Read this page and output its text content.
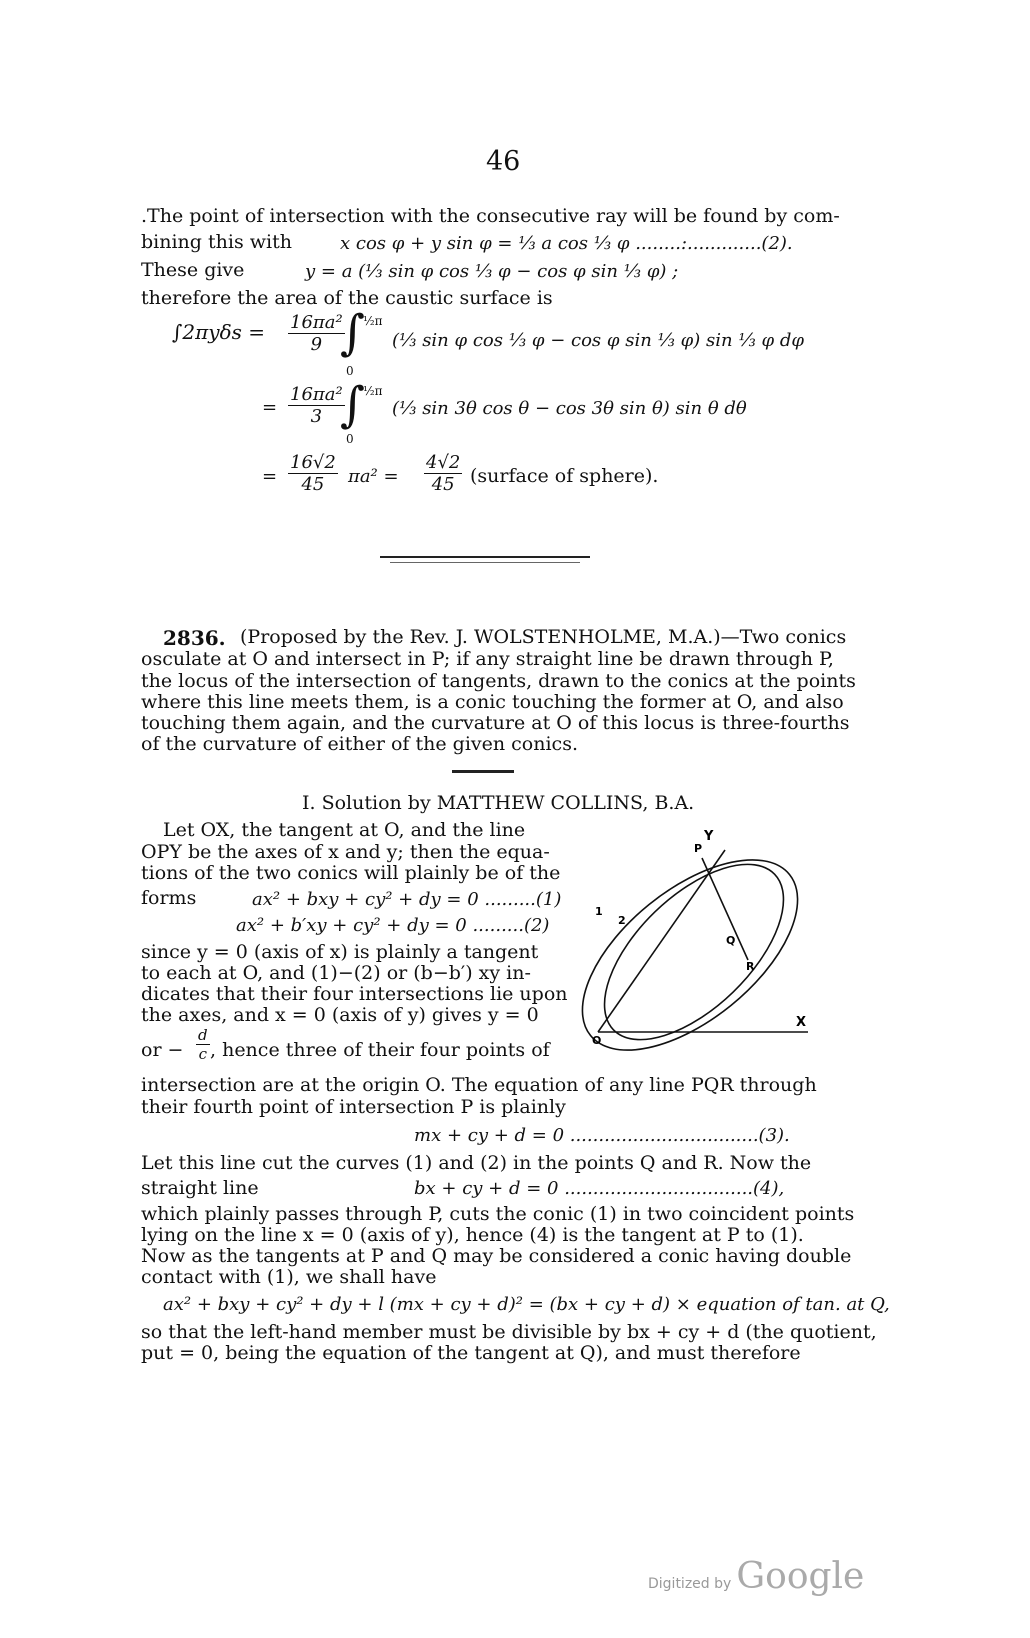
46
.The point of intersection with the consecutive ray will be found by com-
bining this with	x cos φ + y sin φ = ⅓ a cos ⅓ φ ........:.............(2).
These give	y = a (⅓ sin φ cos ⅓ φ − cos φ sin ⅓ φ) ;
therefore the area of the caustic surface is
$\int 2\pi y\delta s = \frac{\text{16πa²}}{9}$
∫
½π
0
(⅓ sin φ cos ⅓ φ − cos φ sin ⅓ φ) sin ⅓ φ dφ
= $\frac{\text{16πa²}}{3}$
∫
½π
0
(⅓ sin 3θ cos θ − cos 3θ sin θ) sin θ dθ
= $\frac{16√2}{45} \pi a^2 = \frac{4√2}{45}$ (surface of sphere).
2836. (Proposed by the Rev. J. WOLSTENHOLME, M.A.)—Two conics
osculate at O and intersect in P; if any straight line be drawn through P,
the locus of the intersection of tangents, drawn to the conics at the points
where this line meets them, is a conic touching the former at O, and also
touching them again, and the curvature at O of this locus is three-fourths
of the curvature of either of the given conics.
I. Solution by MATTHEW COLLINS, B.A.
Let OX, the tangent at O, and the line
OPY be the axes of x and y; then the equa-
tions of the two conics will plainly be of the
forms	ax² + bxy + cy² + dy = 0 .........(1)
ax² + b′xy + cy² + dy = 0 .........(2)
since y = 0 (axis of x) is plainly a tangent
to each at O, and (1)−(2) or (b−b′) xy in-
dicates that their four intersections lie upon
the axes, and x = 0 (axis of y) gives y = 0
or − $\frac{d}{c}$ , hence three of their four points of
Y
P
Q
R
X
O
1
2
intersection are at the origin O. The equation of any line PQR through
their fourth point of intersection P is plainly
mx + cy + d = 0 .................................(3).
Let this line cut the curves (1) and (2) in the points Q and R. Now the
straight line	bx + cy + d = 0 .................................(4),
which plainly passes through P, cuts the conic (1) in two coincident points
lying on the line x = 0 (axis of y), hence (4) is the tangent at P to (1).
Now as the tangents at P and Q may be considered a conic having double
contact with (1), we shall have
ax² + bxy + cy² + dy + l (mx + cy + d)² = (bx + cy + d) × equation of tan. at Q,
so that the left-hand member must be divisible by bx + cy + d (the quotient,
put = 0, being the equation of the tangent at Q), and must therefore
Digitized by Google
